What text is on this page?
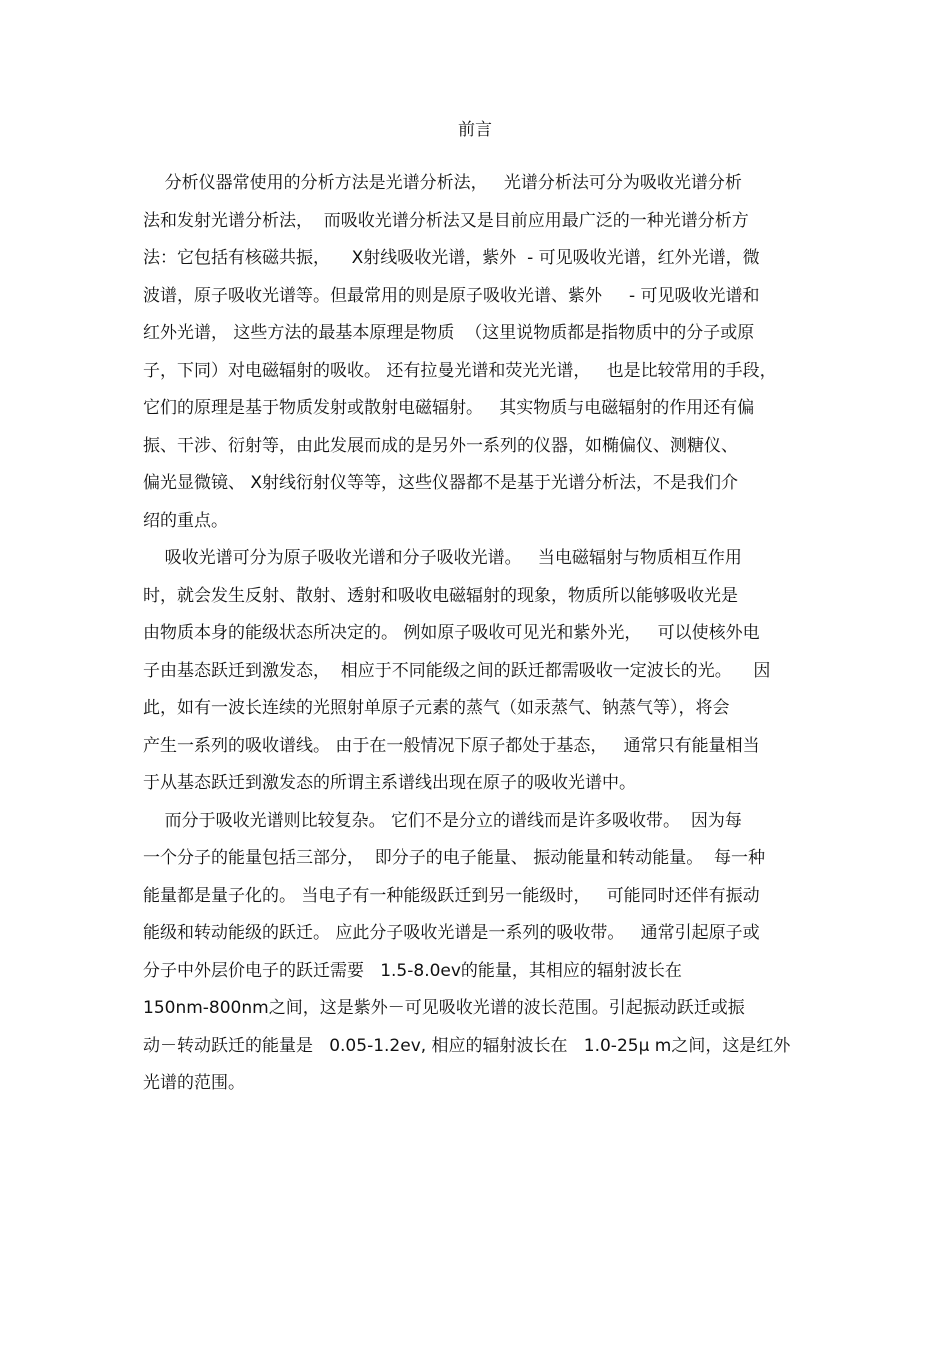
前言

分析仪器常使用的分析方法是光谱分析法，   光谱分析法可分为吸收光谱分析

法和发射光谱分析法，  而吸收光谱分析法又是目前应用最广泛的一种光谱分析方

法：它包括有核磁共振，    X射线吸收光谱，紫外  - 可见吸收光谱，红外光谱，微

波谱，原子吸收光谱等。但最常用的则是原子吸收光谱、紫外     - 可见吸收光谱和

红外光谱， 这些方法的最基本原理是物质  （这里说物质都是指物质中的分子或原

子，下同）对电磁辐射的吸收。 还有拉曼光谱和荧光光谱，   也是比较常用的手段，

它们的原理是基于物质发射或散射电磁辐射。   其实物质与电磁辐射的作用还有偏

振、干涉、衍射等，由此发展而成的是另外一系列的仪器，如椭偏仪、测糖仪、

偏光显微镜、 X射线衍射仪等等，这些仪器都不是基于光谱分析法，不是我们介

绍的重点。

吸收光谱可分为原子吸收光谱和分子吸收光谱。   当电磁辐射与物质相互作用

时，就会发生反射、散射、透射和吸收电磁辐射的现象，物质所以能够吸收光是

由物质本身的能级状态所决定的。 例如原子吸收可见光和紫外光，   可以使核外电

子由基态跃迁到激发态，  相应于不同能级之间的跃迁都需吸收一定波长的光。    因

此，如有一波长连续的光照射单原子元素的蒸气（如汞蒸气、钠蒸气等），将会

产生一系列的吸收谱线。 由于在一般情况下原子都处于基态，   通常只有能量相当

于从基态跃迁到激发态的所谓主系谱线出现在原子的吸收光谱中。

而分于吸收光谱则比较复杂。 它们不是分立的谱线而是许多吸收带。  因为每

一个分子的能量包括三部分，  即分子的电子能量、 振动能量和转动能量。  每一种

能量都是量子化的。 当电子有一种能级跃迁到另一能级时，   可能同时还伴有振动

能级和转动能级的跃迁。 应此分子吸收光谱是一系列的吸收带。   通常引起原子或

分子中外层价电子的跃迁需要   1.5-8.0ev的能量，其相应的辐射波长在

150nm-800nm之间，这是紫外－可见吸收光谱的波长范围。引起振动跃迁或振

动－转动跃迁的能量是   0.05-1.2ev, 相应的辐射波长在   1.0-25μ m之间，这是红外

光谱的范围。
